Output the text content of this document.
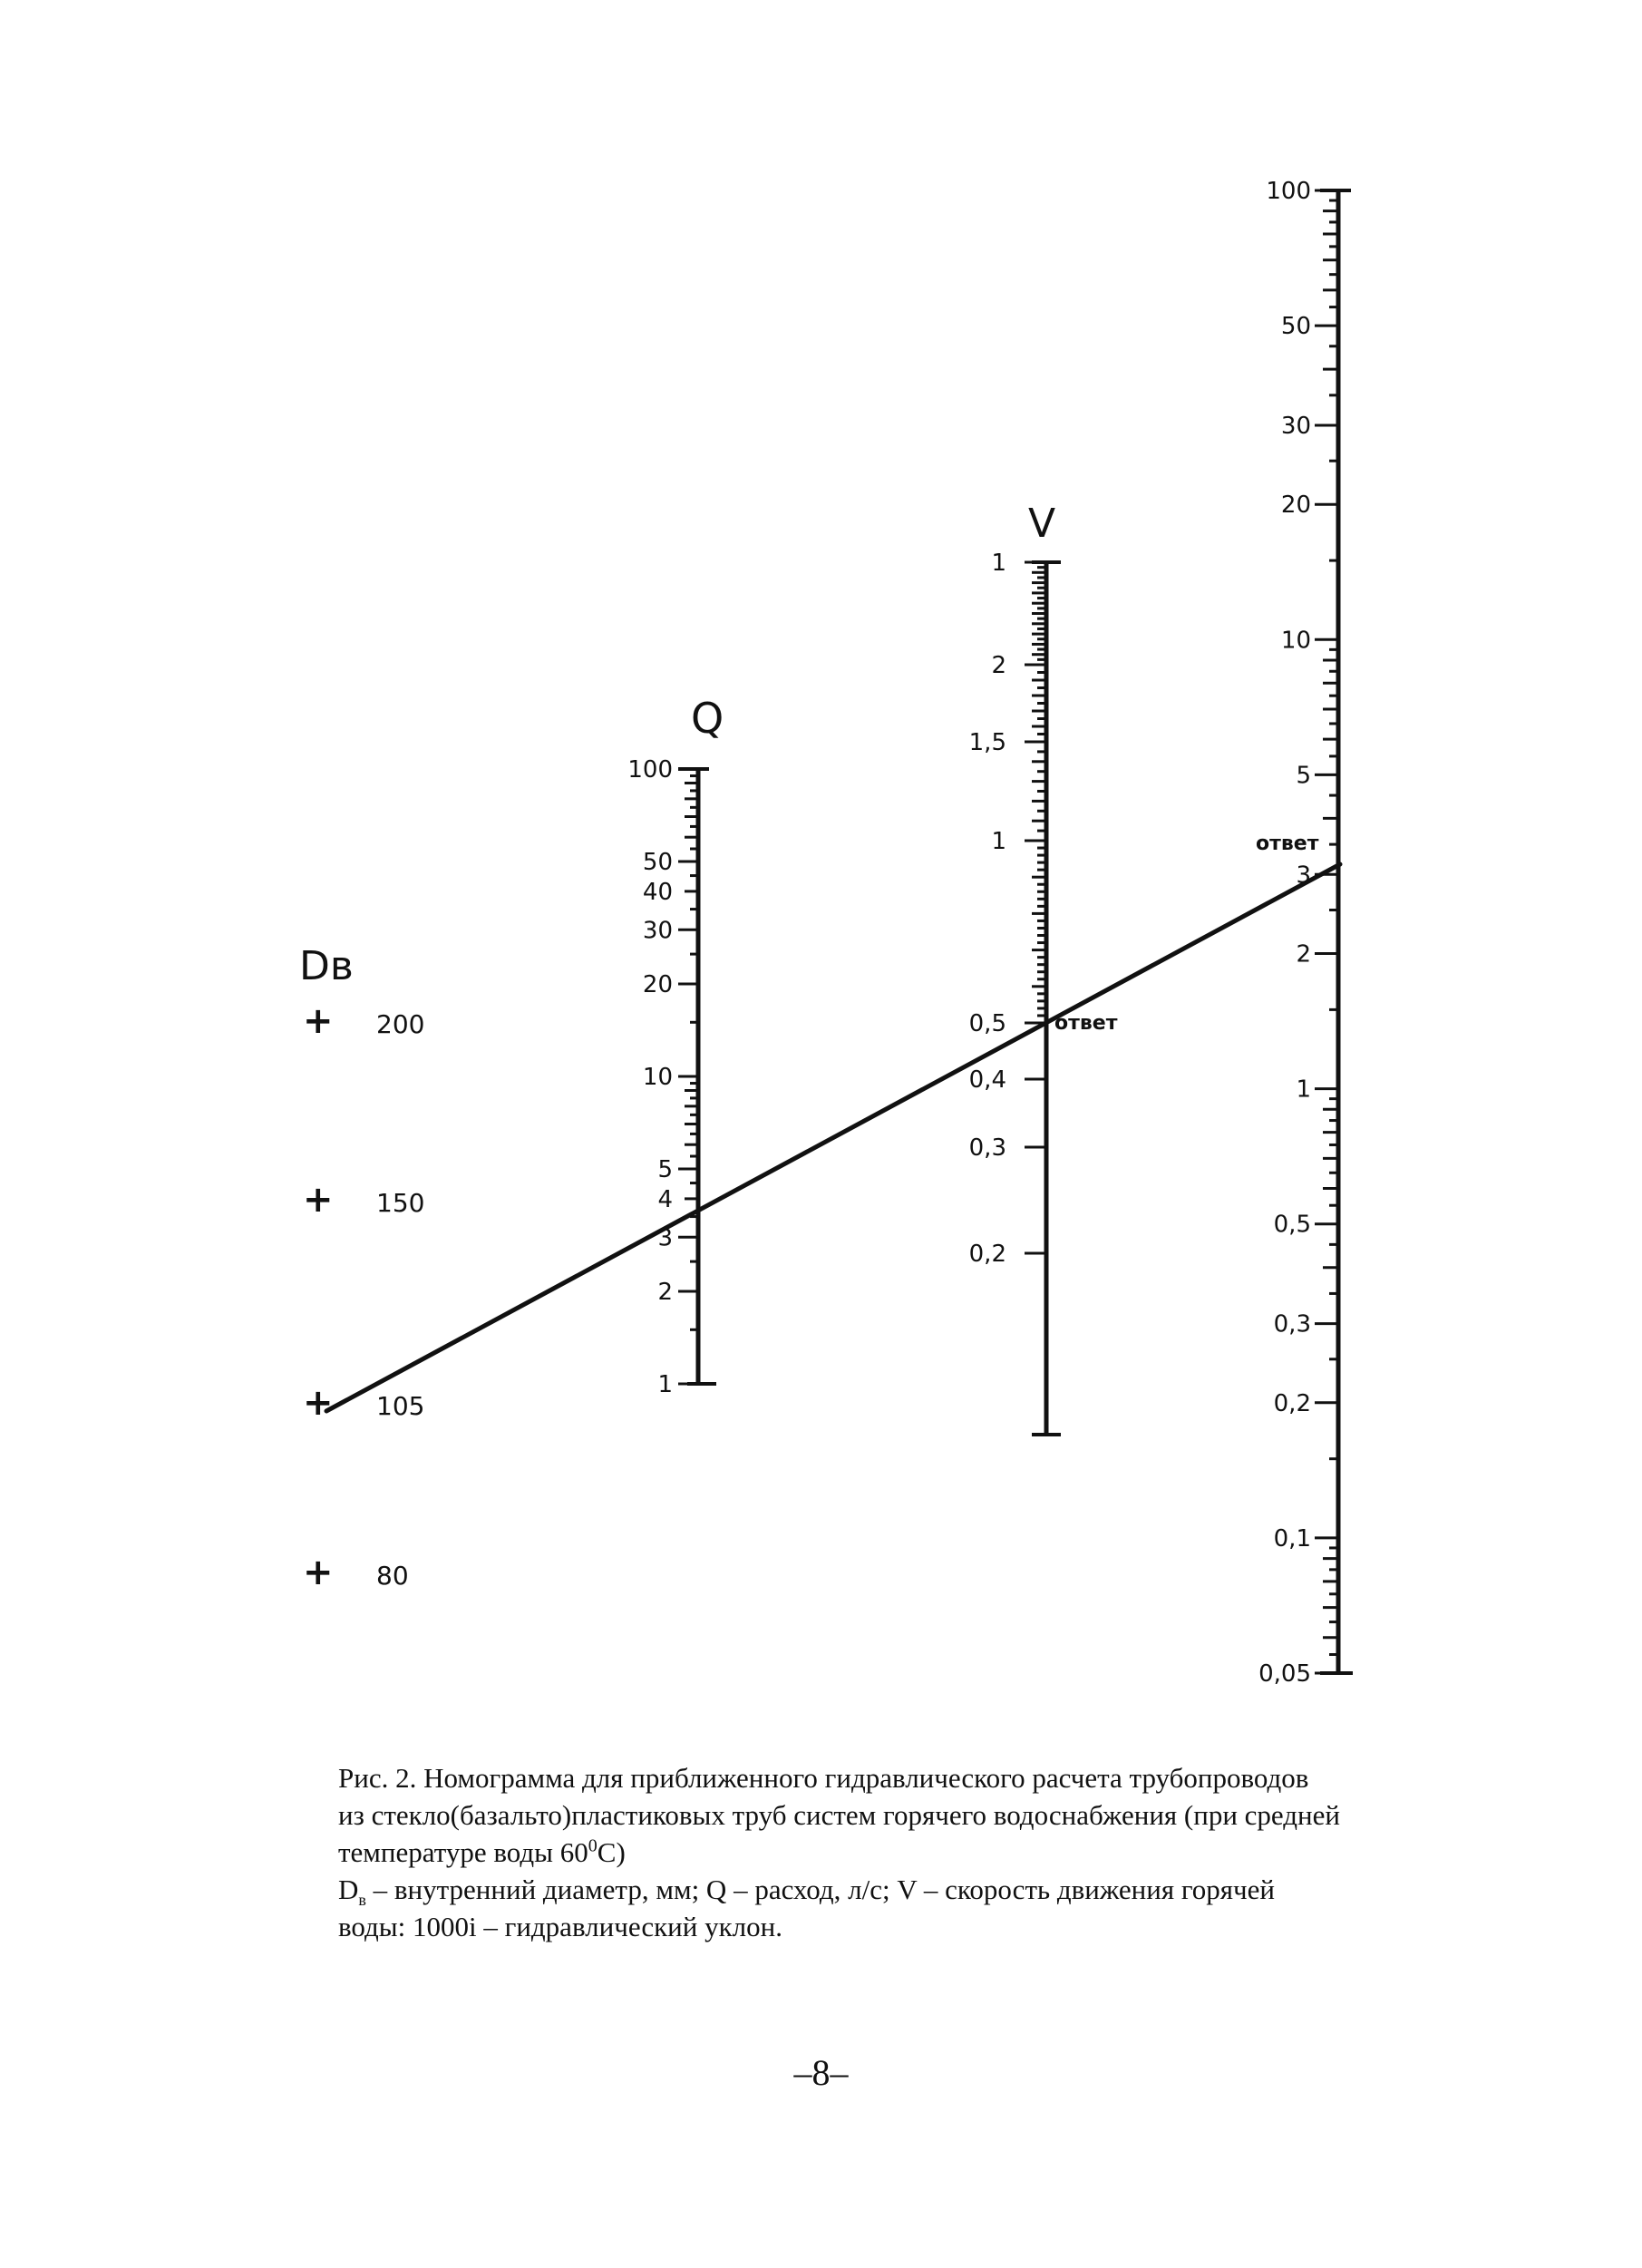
Dв
+ 200
+ 150
+ 105
+ 80
Q
100
50
40
30
20
10
5
4
3
2
1
V
1
2
1,5
1
0,5
0,4
0,3
0,2
ответ
100
50
30
20
10
5
3
2
1
0,5
0,3
0,2
0,1
0,05
ответ

Рис. 2. Номограмма для приближенного гидравлического расчета трубопроводов

из стекло(базальто)пластиковых труб систем горячего водоснабжения (при средней

температуре воды $60^0С$)

$D_в$ – внутренний диаметр, мм; Q – расход, л/с; V – скорость движения горячей

воды: 1000i – гидравлический уклон.

–8–
